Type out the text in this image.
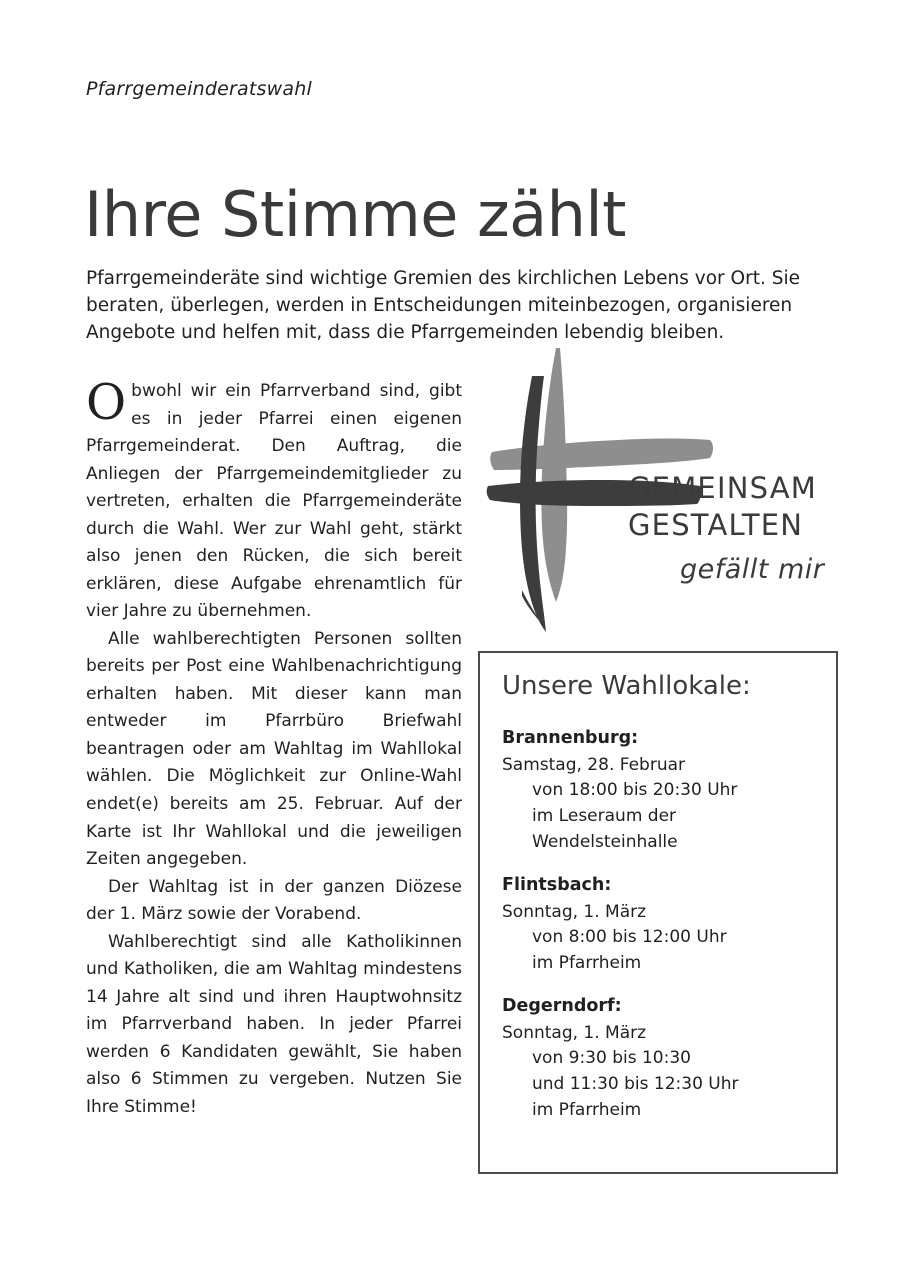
Pfarrgemeinderatswahl
Ihre Stimme zählt

Pfarrgemeinderäte sind wichtige Gremien des kirchlichen Lebens vor Ort. Sie beraten, überlegen, werden in Entscheidungen miteinbezogen, organisieren Angebote und helfen mit, dass die Pfarrgemeinden lebendig bleiben.

Obwohl wir ein Pfarrverband sind, gibt es in jeder Pfarrei einen eigenen Pfarrgemeinderat. Den Auftrag, die Anliegen der Pfarrgemeindemitglieder zu vertreten, erhalten die Pfarrgemeinderäte durch die Wahl. Wer zur Wahl geht, stärkt also jenen den Rücken, die sich bereit erklären, diese Aufgabe ehrenamtlich für vier Jahre zu übernehmen.

Alle wahlberechtigten Personen sollten bereits per Post eine Wahlbenachrichtigung erhalten haben. Mit dieser kann man entweder im Pfarrbüro Briefwahl beantragen oder am Wahltag im Wahllokal wählen. Die Möglichkeit zur Online-Wahl endet(e) bereits am 25. Februar. Auf der Karte ist Ihr Wahllokal und die jeweiligen Zeiten angegeben.

Der Wahltag ist in der ganzen Diözese der 1. März sowie der Vorabend.

Wahlberechtigt sind alle Katholikinnen und Katholiken, die am Wahltag mindestens 14 Jahre alt sind und ihren Hauptwohnsitz im Pfarrverband haben. In jeder Pfarrei werden 6 Kandidaten gewählt, Sie haben also 6 Stimmen zu vergeben. Nutzen Sie Ihre Stimme!

GEMEINSAM
GESTALTEN
gefällt mir
Unsere Wahllokale:
Brannenburg:
Samstag, 28. Februar
von 18:00 bis 20:30 Uhr
im Leseraum der
Wendelsteinhalle
Flintsbach:
Sonntag, 1. März
von 8:00 bis 12:00 Uhr
im Pfarrheim
Degerndorf:
Sonntag, 1. März
von 9:30 bis 10:30
und 11:30 bis 12:30 Uhr
im Pfarrheim
